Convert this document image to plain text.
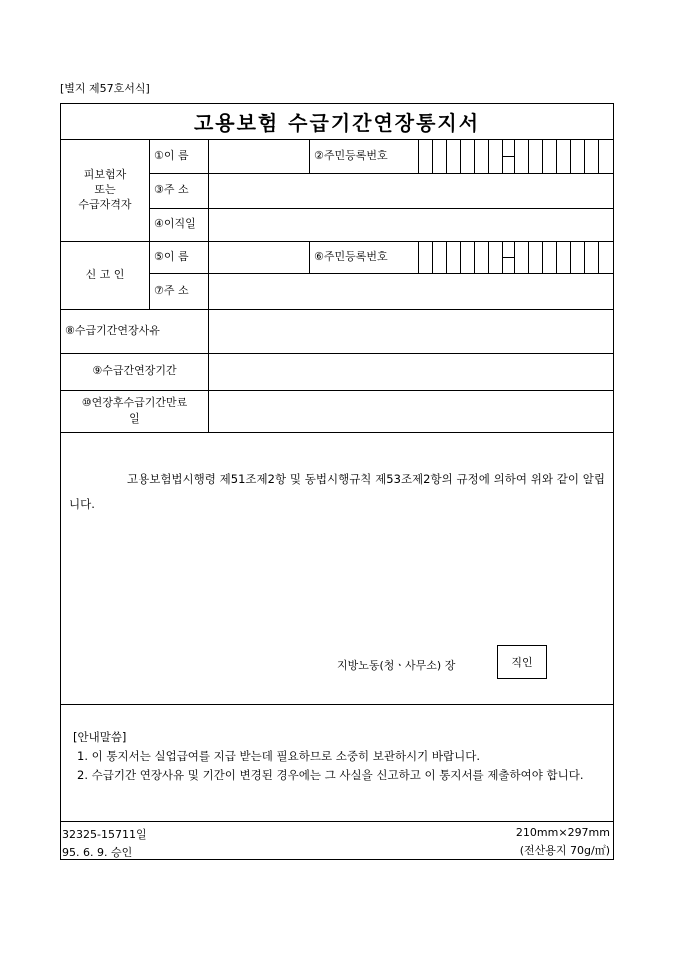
[별지 제57호서식]
고용보험 수급기간연장통지서
피보험자
또는
수급자격자
①이 름	②주민등록번호
③주 소
④이직일
신 고 인
⑤이 름	⑥주민등록번호
⑦주 소
⑧수급기간연장사유
⑨수급간연장기간
⑩연장후수급기간만료
일
고용보험법시행령 제51조제2항 및 동법시행규칙 제53조제2항의 규정에 의하여 위와 같이 알립니다.
지방노동(청ㆍ사무소) 장	직인
[안내말씀]
1. 이 통지서는 실업급여를 지급 받는데 필요하므로 소중히 보관하시기 바랍니다.
2. 수급기간 연장사유 및 기간이 변경된 경우에는 그 사실을 신고하고 이 통지서를 제출하여야 합니다.
32325-15711일
95. 6. 9. 승인
210mm×297mm
(전산용지 70g/㎡)
